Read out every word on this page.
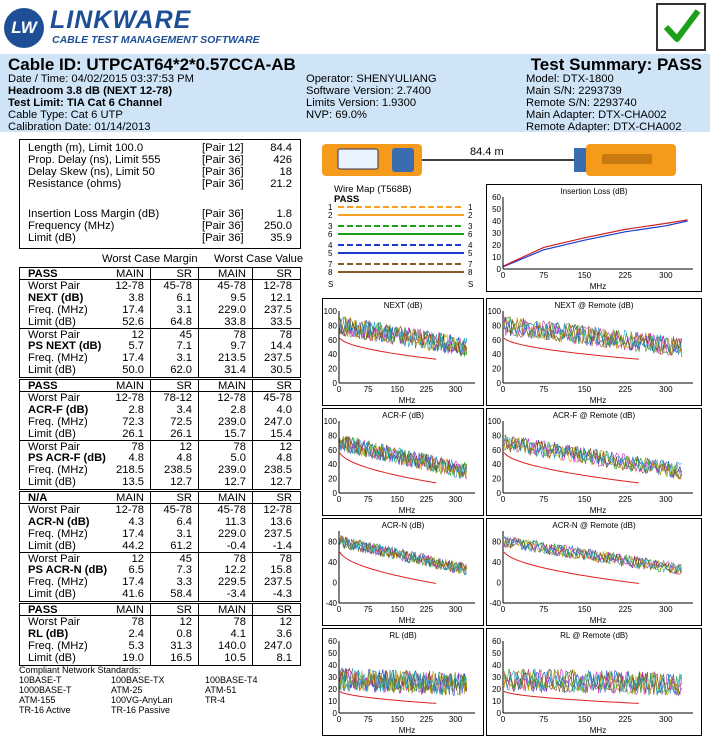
LW LINKWARE
CABLE TEST MANAGEMENT SOFTWARE
Cable ID: UTPCAT64*2*0.57CCA-AB	Test Summary: PASS
Date / Time: 04/02/2015 03:37:53 PM
Headroom 3.8 dB (NEXT 12-78)
Test Limit: TIA Cat 6 Channel
Cable Type: Cat 6 UTP
Calibration Date: 01/14/2013
Operator: SHENYULIANG
Software Version: 2.7400
Limits Version: 1.9300
NVP: 69.0%
Model: DTX-1800
Main S/N: 2293739
Remote S/N: 2293740
Main Adapter: DTX-CHA002
Remote Adapter: DTX-CHA002
Length (m), Limit 100.0	[Pair 12] 84.4
Prop. Delay (ns), Limit 555	[Pair 36]	426
Delay Skew (ns), Limit 50	[Pair 36]	18
Resistance (ohms)	[Pair 36] 21.2
Insertion Loss Margin (dB)	[Pair 36]	1.8
Frequency (MHz)	[Pair 36] 250.0
Limit (dB)	[Pair 36] 35.9
Worst Case Margin Worst Case Value
PASS	MAIN	SR MAIN	SR
Worst Pair	12-78 45-78 45-78 12-78
NEXT (dB)	3.8	6.1	9.5 12.1
Freq. (MHz)	17.4	3.1 229.0 237.5
Limit (dB)	52.6 64.8	33.8 33.5
Worst Pair	12	45	78	78
PS NEXT (dB) 5.7	7.1	9.7 14.4
Freq. (MHz)	17.4	3.1 213.5 237.5
Limit (dB)	50.0 62.0	31.4 30.5
PASS	MAIN	SR MAIN	SR
Worst Pair	12-78 78-12 12-78 45-78
ACR-F (dB)	2.8	3.4	2.8	4.0
Freq. (MHz)	72.3 72.5 239.0 247.0
Limit (dB)	26.1 26.1	15.7 15.4
Worst Pair	78	12	78	12
PS ACR-F (dB) 4.8	4.8	5.0	4.8
Freq. (MHz)	218.5 238.5 239.0 238.5
Limit (dB)	13.5 12.7	12.7 12.7
N/A	MAIN	SR MAIN	SR
Worst Pair	12-78 45-78 45-78 12-78
ACR-N (dB)	4.3	6.4	11.3 13.6
Freq. (MHz)	17.4	3.1 229.0 237.5
Limit (dB)	44.2 61.2	-0.4 -1.4
Worst Pair	12	45	78	78
PS ACR-N (dB) 6.5	7.3	12.2 15.8
Freq. (MHz)	17.4	3.3 229.5 237.5
Limit (dB)	41.6 58.4	-3.4 -4.3
PASS	MAIN	SR MAIN	SR
Worst Pair	78	12	78	12
RL (dB)	2.4	0.8	4.1	3.6
Freq. (MHz)	5.3 31.3 140.0 247.0
Limit (dB)	19.0 16.5	10.5	8.1
Compliant Network Standards:
10BASE-T	100BASE-TX	100BASE-T4
1000BASE-T	ATM-25	ATM-51
ATM-155	100VG-AnyLan	TR-4
TR-16 Active	TR-16 Passive
84.4 m
Wire Map (T568B)
PASS
1	1
2	2
3	3
6	6
4	4
5	5
7	7
8	8
S	S
Insertion Loss (dB)
0	75	150	225	300
0
10
20
30
40
50
60
MHz
NEXT (dB)
0	75 150 225 300
0
20
40
60
80
100
MHz
NEXT @ Remote (dB)
0	75	150	225	300
0
20
40
60
80
100
MHz
ACR-F (dB)
0	75 150 225 300
0
20
40
60
80
100
MHz
ACR-F @ Remote (dB)
0	75	150	225	300
0
20
40
60
80
100
MHz
ACR-N (dB)
0	75 150 225 300
-40
0
40
80
MHz
ACR-N @ Remote (dB)
0	75	150	225	300
-40
0
40
80
MHz
RL (dB)
0	75 150 225 300
0
10
20
30
40
50
60
MHz
RL @ Remote (dB)
0	75	150	225	300
0
10
20
30
40
50
60
MHz
